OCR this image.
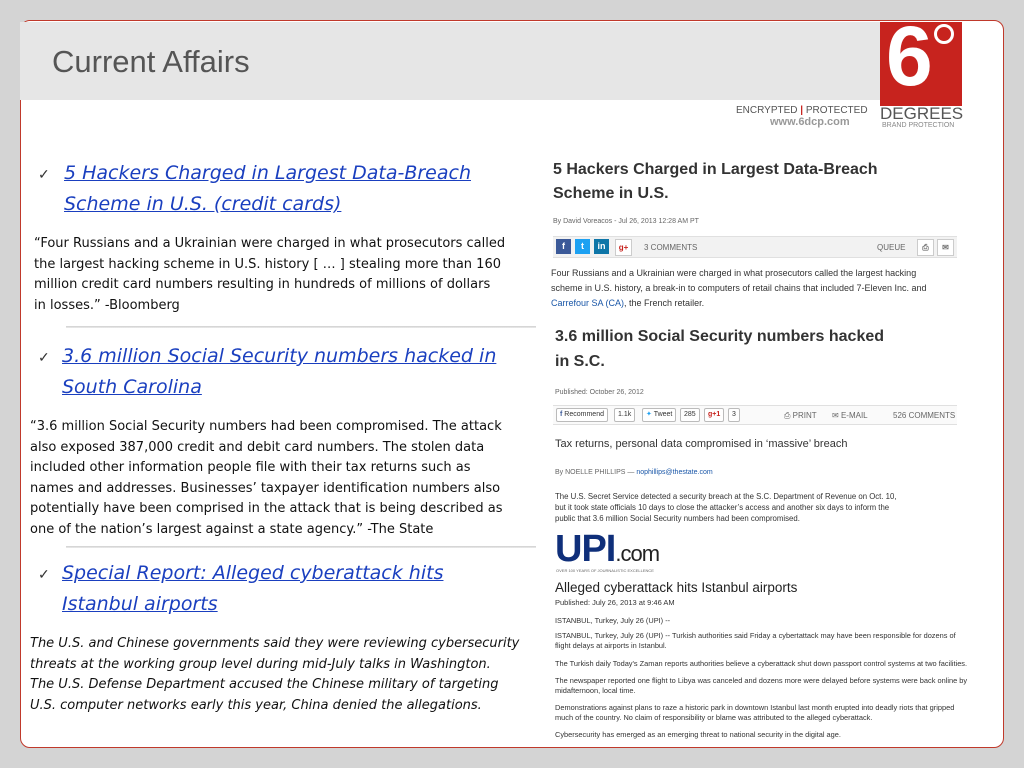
Current Affairs	6
DEGREES
BRAND PROTECTION
ENCRYPTED | PROTECTED
www.6dcp.com
✓ 5 Hackers Charged in Largest Data-Breach
Scheme in U.S. (credit cards)
“Four Russians and a Ukrainian were charged in what prosecutors called
the largest hacking scheme in U.S. history [ … ] stealing more than 160
million credit card numbers resulting in hundreds of millions of dollars
in losses.” -Bloomberg
✓ 3.6 million Social Security numbers hacked in
South Carolina
“3.6 million Social Security numbers had been compromised. The attack
also exposed 387,000 credit and debit card numbers. The stolen data
included other information people file with their tax returns such as
names and addresses. Businesses’ taxpayer identification numbers also
potentially have been comprised in the attack that is being described as
one of the nation’s largest against a state agency.” -The State
✓ Special Report: Alleged cyberattack hits
Istanbul airports
The U.S. and Chinese governments said they were reviewing cybersecurity
threats at the working group level during mid-July talks in Washington.
The U.S. Defense Department accused the Chinese military of targeting
U.S. computer networks early this year, China denied the allegations.
5 Hackers Charged in Largest Data-Breach
Scheme in U.S.
By David Voreacos - Jul 26, 2013 12:28 AM PT
f	t	in	g+	3 COMMENTS	QUEUE	⎙	✉
Four Russians and a Ukrainian were charged in what prosecutors called the largest hacking
scheme in U.S. history, a break-in to computers of retail chains that included 7-Eleven Inc. and
Carrefour SA (CA), the French retailer.
3.6 million Social Security numbers hacked
in S.C.
Published: October 26, 2012
f Recommend	1.1k	✦ Tweet	285	g+1	3	⎙ PRINT ✉ E-MAIL	526 COMMENTS
Tax returns, personal data compromised in ‘massive’ breach
By NOELLE PHILLIPS — nophillips@thestate.com
The U.S. Secret Service detected a security breach at the S.C. Department of Revenue on Oct. 10,
but it took state officials 10 days to close the attacker’s access and another six days to inform the
public that 3.6 million Social Security numbers had been compromised.
UPI.com
OVER 100 YEARS OF JOURNALISTIC EXCELLENCE
Alleged cyberattack hits Istanbul airports
Published: July 26, 2013 at 9:46 AM
ISTANBUL, Turkey, July 26 (UPI) --
ISTANBUL, Turkey, July 26 (UPI) -- Turkish authorities said Friday a cybertattack may have been responsible for dozens of
flight delays at airports in Istanbul.
The Turkish daily Today's Zaman reports authorities believe a cyberattack shut down passport control systems at two facilities.
The newspaper reported one flight to Libya was canceled and dozens more were delayed before systems were back online by
midafternoon, local time.
Demonstrations against plans to raze a historic park in downtown Istanbul last month erupted into deadly riots that gripped
much of the country. No claim of responsibility or blame was attributed to the alleged cyberattack.
Cybersecurity has emerged as an emerging threat to national security in the digital age.
